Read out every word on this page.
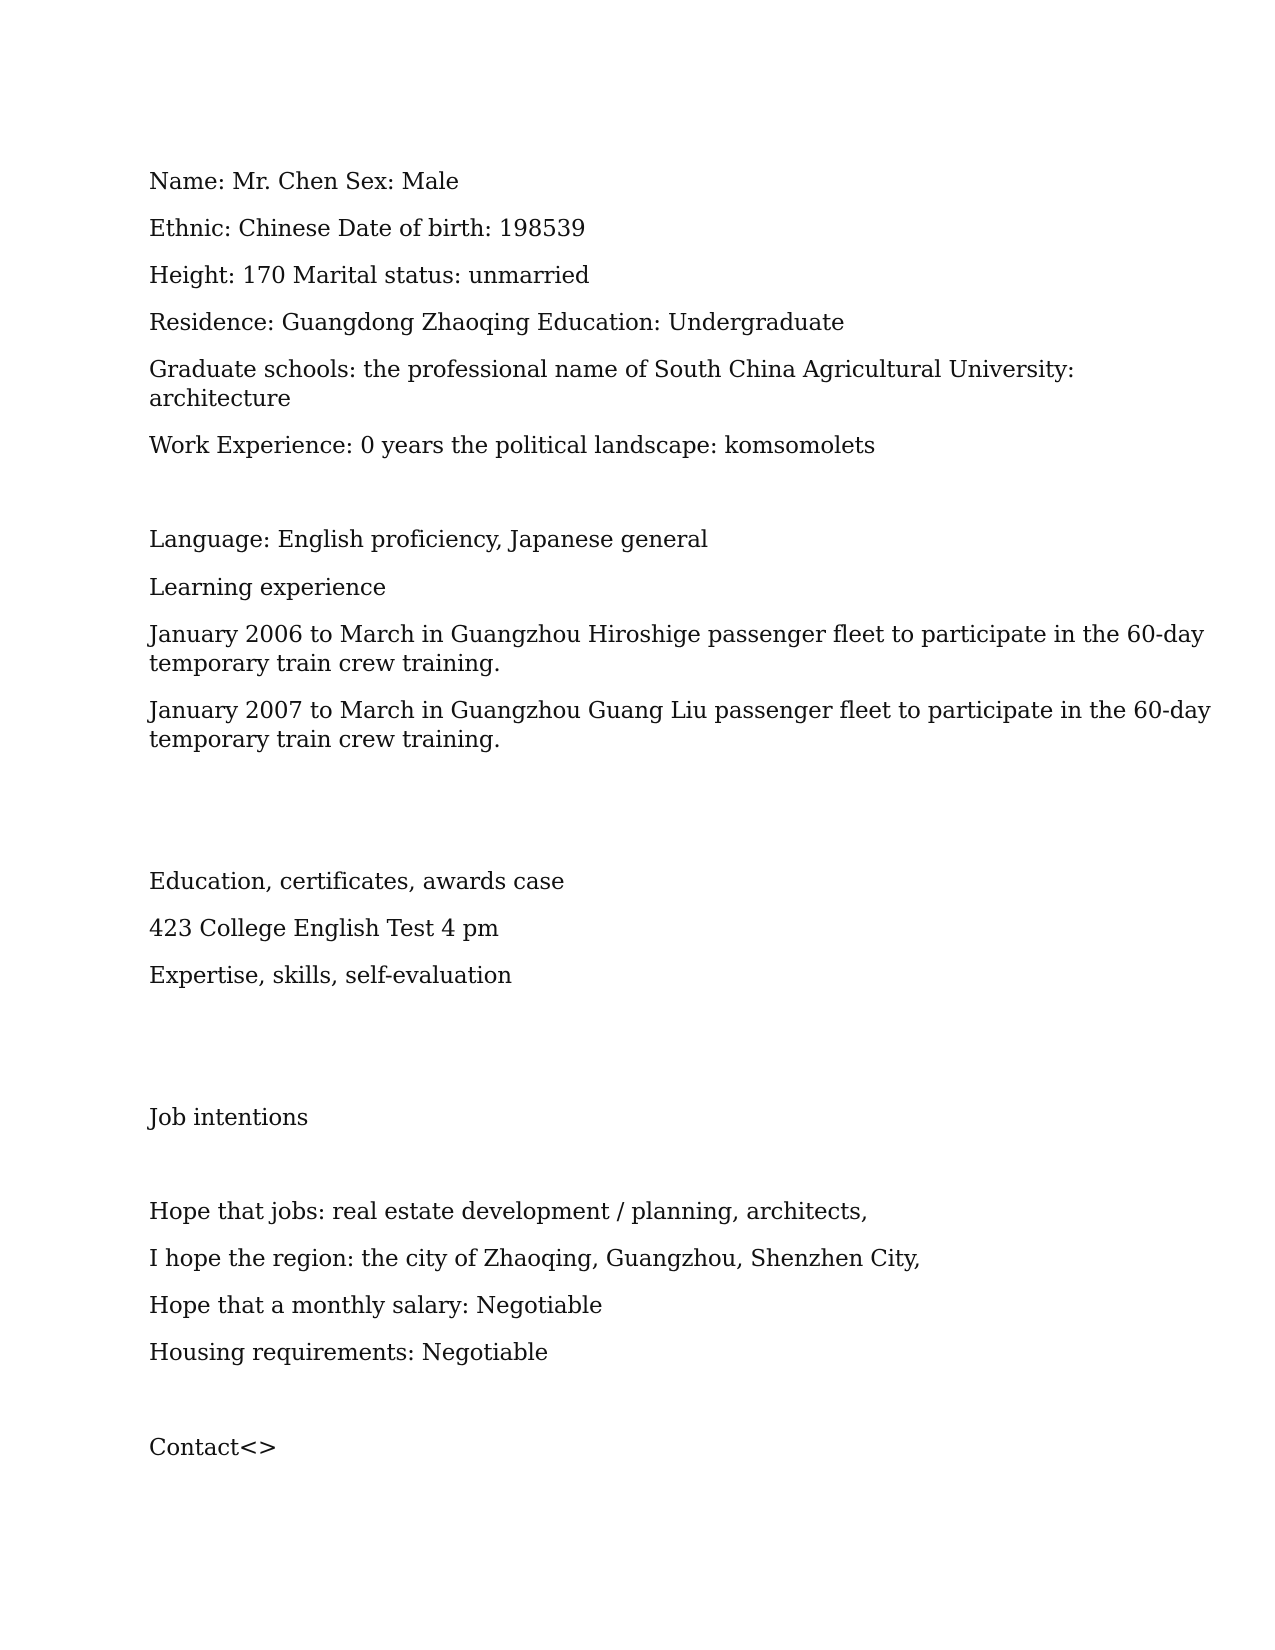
Name: Mr. Chen Sex: Male
Ethnic: Chinese Date of birth: 198539
Height: 170 Marital status: unmarried
Residence: Guangdong Zhaoqing Education: Undergraduate
Graduate schools: the professional name of South China Agricultural University:
architecture
Work Experience: 0 years the political landscape: komsomolets
Language: English proficiency, Japanese general
Learning experience
January 2006 to March in Guangzhou Hiroshige passenger fleet to participate in the 60-day
temporary train crew training.
January 2007 to March in Guangzhou Guang Liu passenger fleet to participate in the 60-day
temporary train crew training.
Education, certificates, awards case
423 College English Test 4 pm
Expertise, skills, self-evaluation
Job intentions
Hope that jobs: real estate development / planning, architects,
I hope the region: the city of Zhaoqing, Guangzhou, Shenzhen City,
Hope that a monthly salary: Negotiable
Housing requirements: Negotiable
Contact<>
